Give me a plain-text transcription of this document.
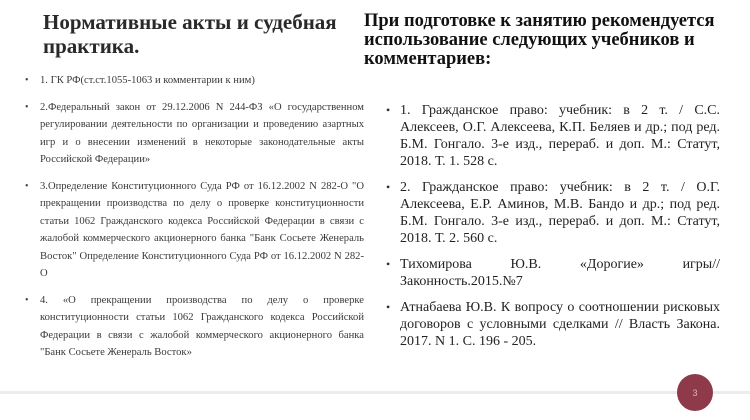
Нормативные акты и судебная практика.
• 1. ГК РФ(ст.ст.1055-1063 и комментарии к ним)
• 2.Федеральный закон от 29.12.2006 N 244-ФЗ «О государственном регулировании деятельности по организации и проведению азартных игр и о внесении изменений в некоторые законодательные акты Российской Федерации»
• 3.Определение Конституционного Суда РФ от 16.12.2002 N 282-О "О прекращении производства по делу о проверке конституционности статьи 1062 Гражданского кодекса Российской Федерации в связи с жалобой коммерческого акционерного банка "Банк Сосьете Женераль Восток" Определение Конституционного Суда РФ от 16.12.2002 N 282-О
• 4. «О прекращении производства по делу о проверке конституционности статьи 1062 Гражданского кодекса Российской Федерации в связи с жалобой коммерческого акционерного банка "Банк Сосьете Женераль Восток»
При подготовке к занятию рекомендуется использование следующих учебников и комментариев:
• 1. Гражданское право: учебник: в 2 т. / С.С. Алексеев, О.Г. Алексеева, К.П. Беляев и др.; под ред. Б.М. Гонгало. 3-е изд., перераб. и доп. М.: Статут, 2018. Т. 1. 528 с.
• 2. Гражданское право: учебник: в 2 т. / О.Г. Алексеева, Е.Р. Аминов, М.В. Бандо и др.; под ред. Б.М. Гонгало. 3-е изд., перераб. и доп. М.: Статут, 2018. Т. 2. 560 с.
• Тихомирова Ю.В. «Дорогие» игры//Законность.2015.№7
• Атнабаева Ю.В. К вопросу о соотношении рисковых договоров с условными сделками // Власть Закона. 2017. N 1. С. 196 - 205.
3
